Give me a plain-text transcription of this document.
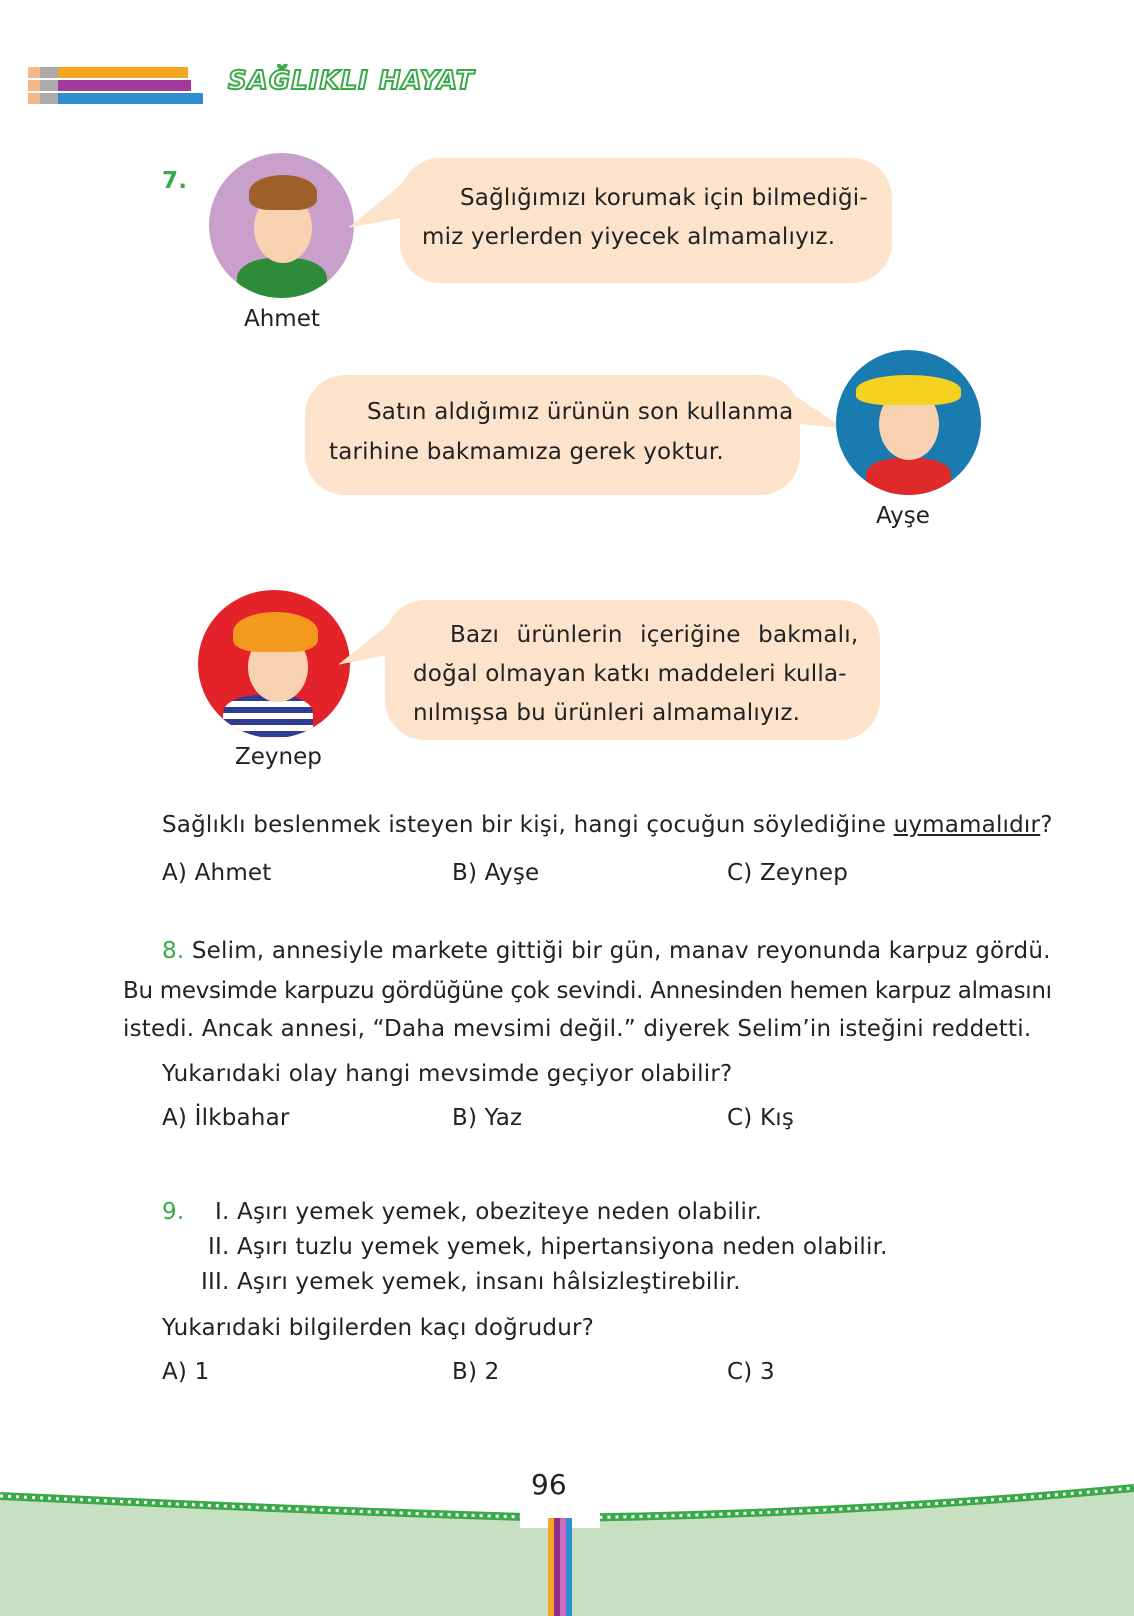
SAĞLIKLI HAYAT
7.
Ahmet
Sağlığımızı korumak için bilmediği-
miz yerlerden yiyecek almamalıyız.
Satın aldığımız ürünün son kullanma
tarihine bakmamıza gerek yoktur.
Ayşe
Zeynep
Bazı ürünlerin içeriğine bakmalı,
doğal olmayan katkı maddeleri kulla-
nılmışsa bu ürünleri almamalıyız.
Sağlıklı beslenmek isteyen bir kişi, hangi çocuğun söylediğine uymamalıdır?
A) Ahmet	B) Ayşe	C) Zeynep
8. Selim, annesiyle markete gittiği bir gün, manav reyonunda karpuz gördü.
Bu mevsimde karpuzu gördüğüne çok sevindi. Annesinden hemen karpuz almasını
istedi. Ancak annesi, “Daha mevsimi değil.” diyerek Selim’in isteğini reddetti.
Yukarıdaki olay hangi mevsimde geçiyor olabilir?
A) İlkbahar	B) Yaz	C) Kış
9. I. Aşırı yemek yemek, obeziteye neden olabilir.
II. Aşırı tuzlu yemek yemek, hipertansiyona neden olabilir.
III. Aşırı yemek yemek, insanı hâlsizleştirebilir.
Yukarıdaki bilgilerden kaçı doğrudur?
A) 1	B) 2	C) 3
96
